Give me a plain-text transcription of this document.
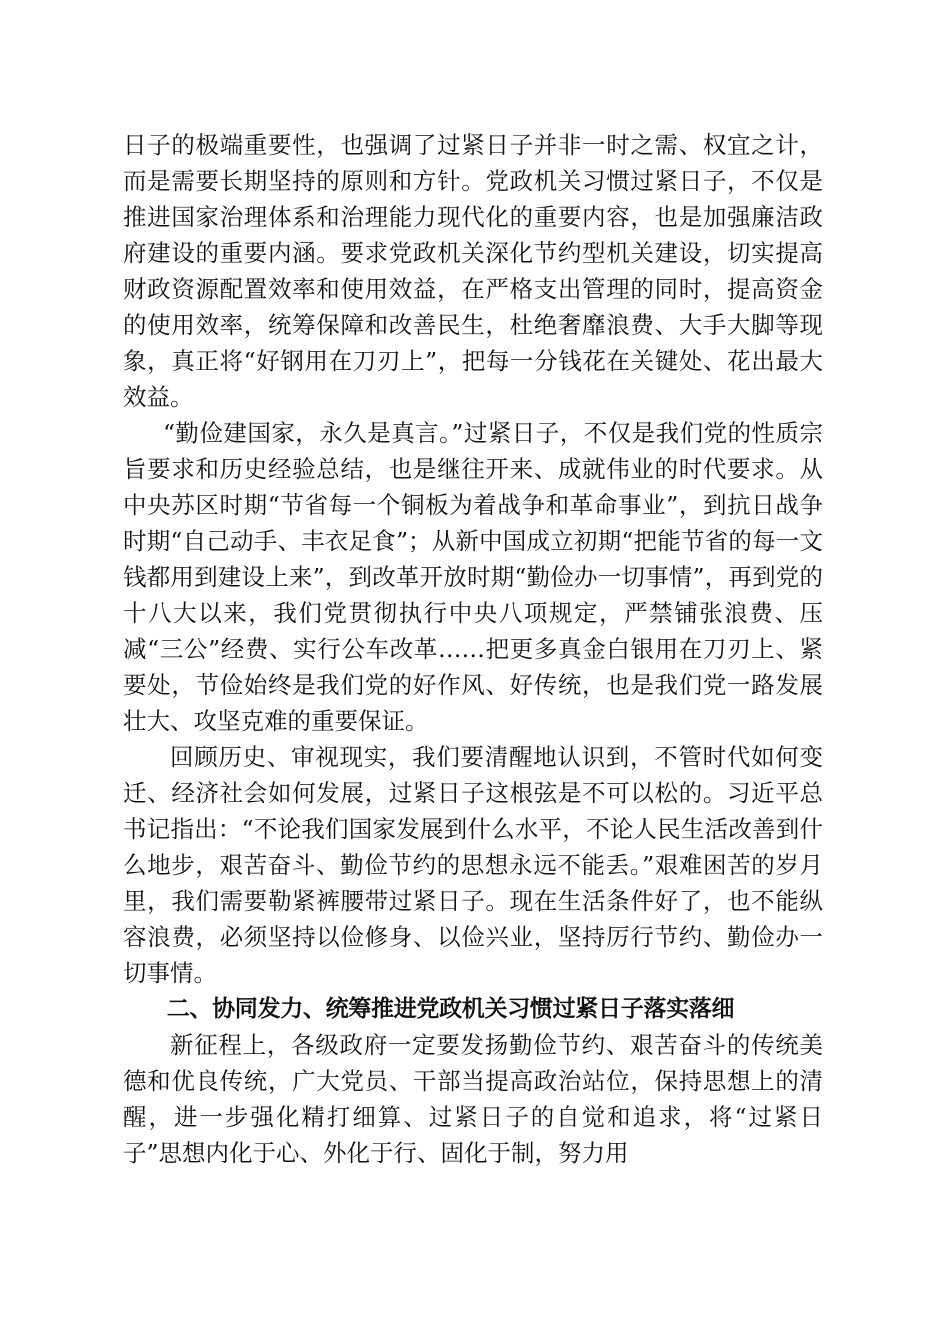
日子的极端重要性，也强调了过紧日子并非一时之需、权宜之计，而是需要长期坚持的原则和方针。党政机关习惯过紧日子，不仅是推进国家治理体系和治理能力现代化的重要内容，也是加强廉洁政府建设的重要内涵。要求党政机关深化节约型机关建设，切实提高财政资源配置效率和使用效益，在严格支出管理的同时，提高资金的使用效率，统筹保障和改善民生，杜绝奢靡浪费、大手大脚等现象，真正将“好钢用在刀刃上”，把每一分钱花在关键处、花出最大效益。

“勤俭建国家，永久是真言。”过紧日子，不仅是我们党的性质宗旨要求和历史经验总结，也是继往开来、成就伟业的时代要求。从中央苏区时期“节省每一个铜板为着战争和革命事业”，到抗日战争时期“自己动手、丰衣足食”；从新中国成立初期“把能节省的每一文钱都用到建设上来”，到改革开放时期“勤俭办一切事情”，再到党的十八大以来，我们党贯彻执行中央八项规定，严禁铺张浪费、压减“三公”经费、实行公车改革……把更多真金白银用在刀刃上、紧要处，节俭始终是我们党的好作风、好传统，也是我们党一路发展壮大、攻坚克难的重要保证。

回顾历史、审视现实，我们要清醒地认识到，不管时代如何变迁、经济社会如何发展，过紧日子这根弦是不可以松的。习近平总书记指出：“不论我们国家发展到什么水平，不论人民生活改善到什么地步，艰苦奋斗、勤俭节约的思想永远不能丢。”艰难困苦的岁月里，我们需要勒紧裤腰带过紧日子。现在生活条件好了，也不能纵容浪费，必须坚持以俭修身、以俭兴业，坚持厉行节约、勤俭办一切事情。

二、协同发力、统筹推进党政机关习惯过紧日子落实落细

新征程上，各级政府一定要发扬勤俭节约、艰苦奋斗的传统美德和优良传统，广大党员、干部当提高政治站位，保持思想上的清醒，进一步强化精打细算、过紧日子的自觉和追求，将“过紧日子”思想内化于心、外化于行、固化于制，努力用
